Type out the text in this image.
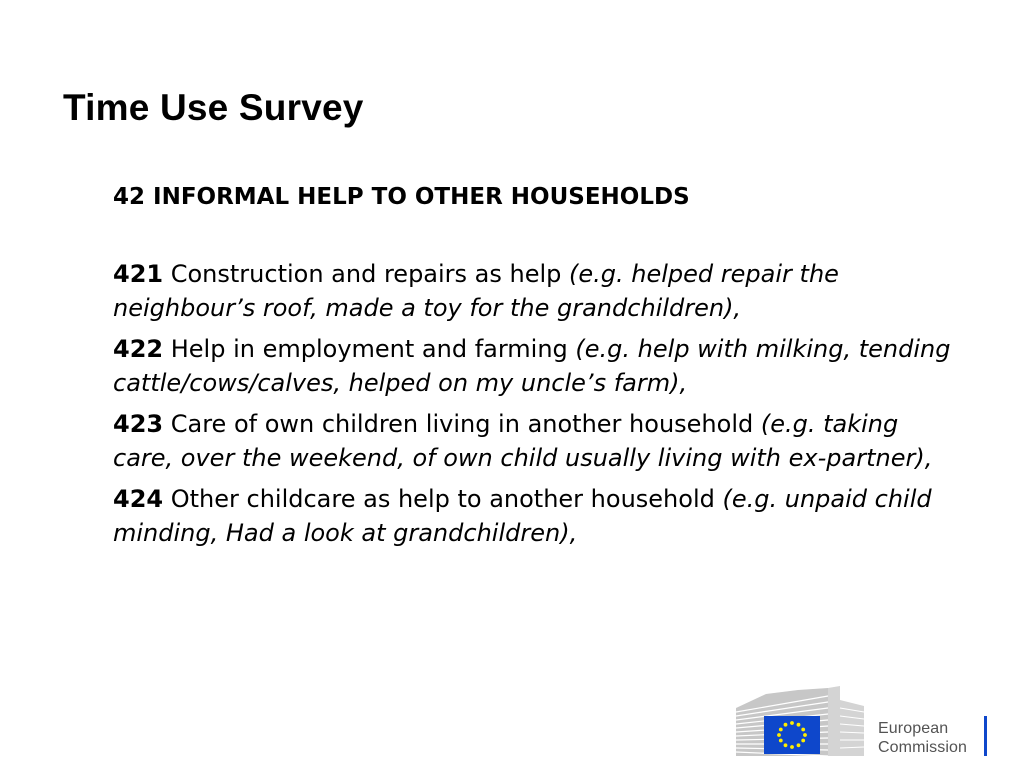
Time Use Survey

42 INFORMAL HELP TO OTHER HOUSEHOLDS

421 Construction and repairs as help (e.g. helped repair the neighbour’s roof, made a toy for the grandchildren),

422 Help in employment and farming (e.g. help with milking, tending cattle/cows/calves, helped on my uncle’s farm),

423 Care of own children living in another household (e.g. taking care, over the weekend, of own child usually living with ex-partner),

424 Other childcare as help to another household (e.g. unpaid child minding, Had a look at grandchildren),

European
Commission
